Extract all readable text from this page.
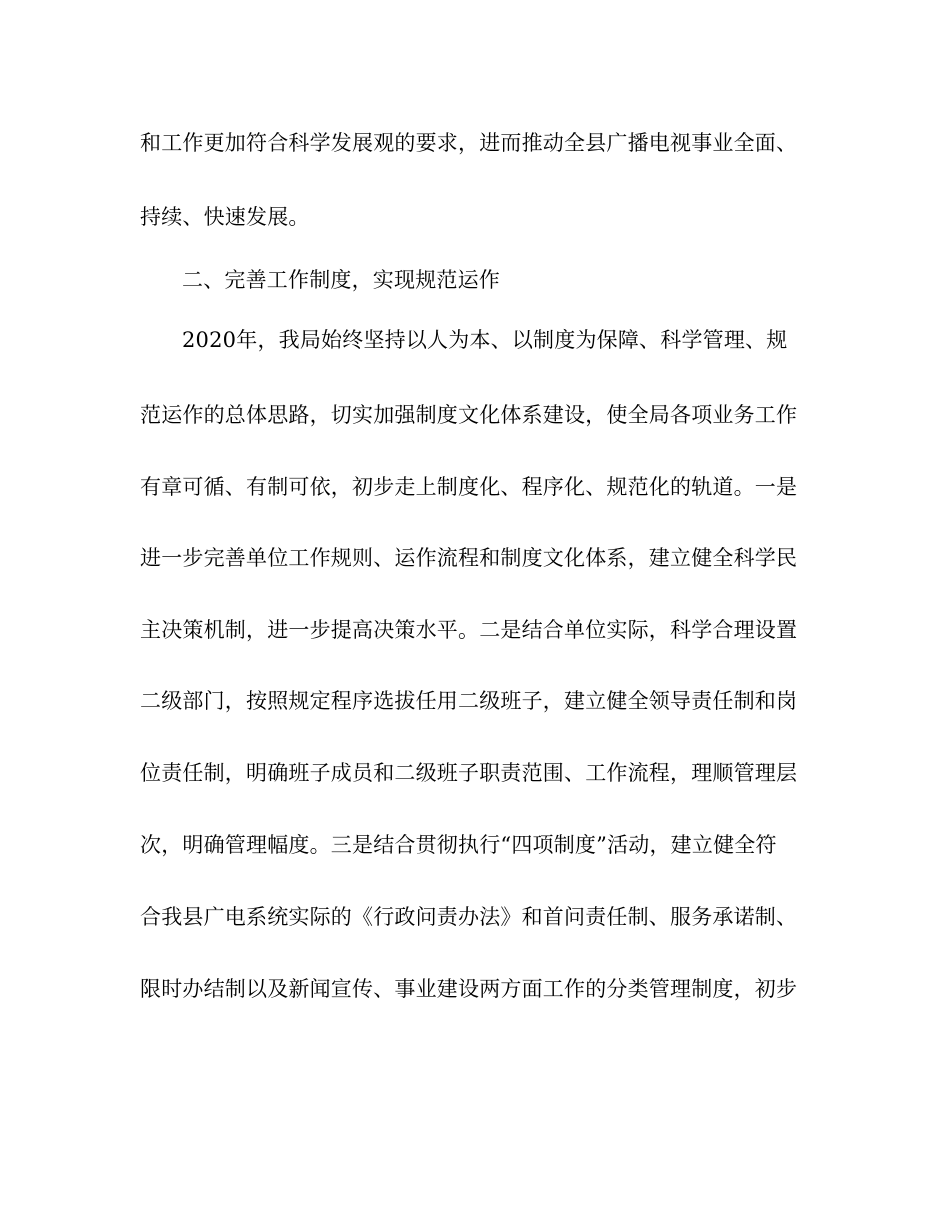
和工作更加符合科学发展观的要求，进而推动全县广播电视事业全面、
持续、快速发展。
二、完善工作制度，实现规范运作
2020年，我局始终坚持以人为本、以制度为保障、科学管理、规
范运作的总体思路，切实加强制度文化体系建设，使全局各项业务工作
有章可循、有制可依，初步走上制度化、程序化、规范化的轨道。一是
进一步完善单位工作规则、运作流程和制度文化体系，建立健全科学民
主决策机制，进一步提高决策水平。二是结合单位实际，科学合理设置
二级部门，按照规定程序选拔任用二级班子，建立健全领导责任制和岗
位责任制，明确班子成员和二级班子职责范围、工作流程，理顺管理层
次，明确管理幅度。三是结合贯彻执行“四项制度”活动，建立健全符
合我县广电系统实际的《行政问责办法》和首问责任制、服务承诺制、
限时办结制以及新闻宣传、事业建设两方面工作的分类管理制度，初步
